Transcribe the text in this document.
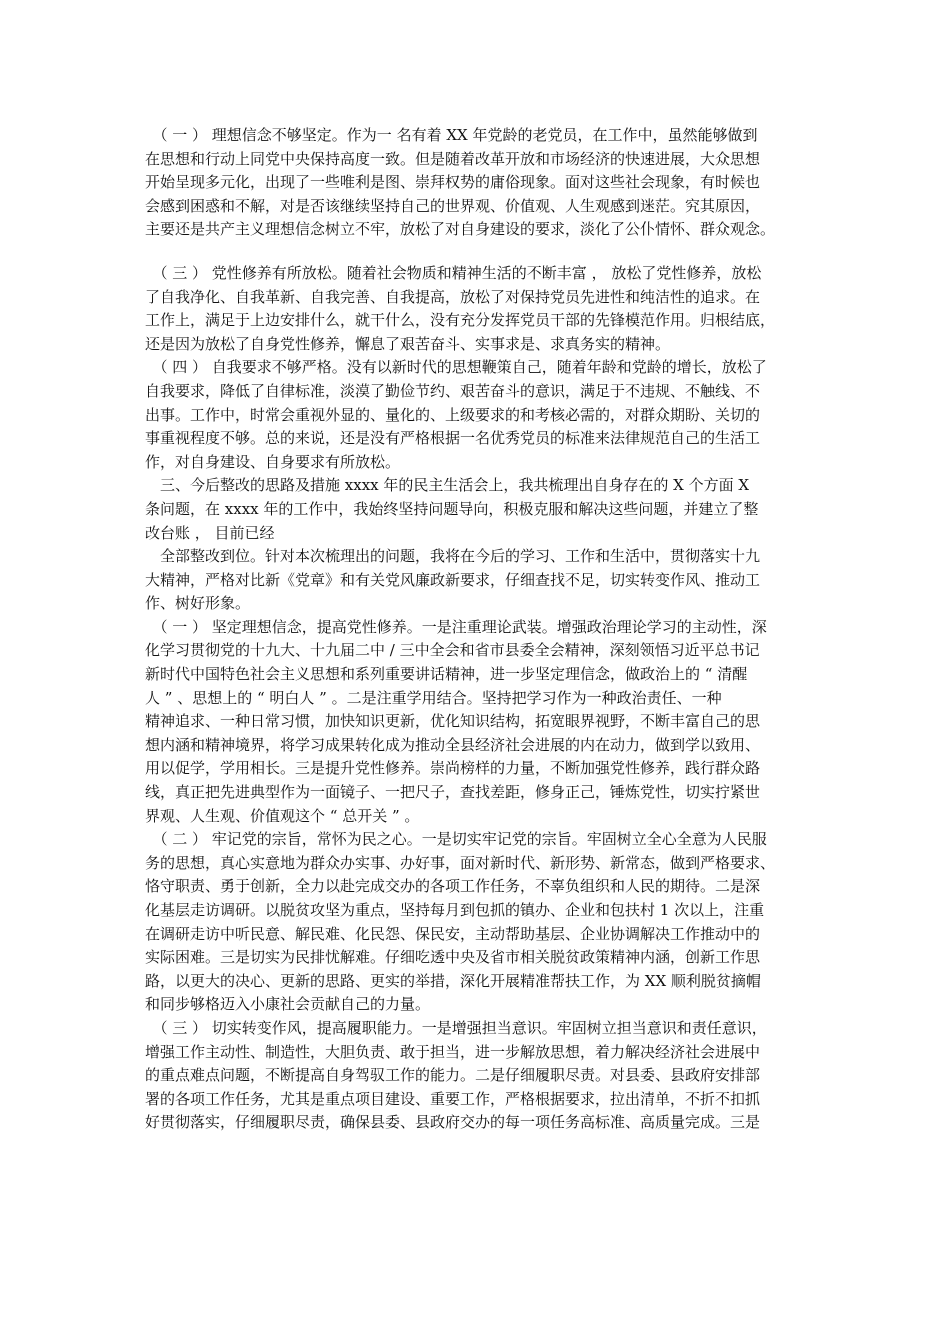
　（ 一 ） 理想信念不够坚定。作为一 名有着 XX 年党龄的老党员，在工作中，虽然能够做到
在思想和行动上同党中央保持高度一致。但是随着改革开放和市场经济的快速进展，大众思想
开始呈现多元化，出现了一些唯利是图、崇拜权势的庸俗现象。面对这些社会现象，有时候也
会感到困惑和不解，对是否该继续坚持自己的世界观、价值观、人生观感到迷茫。究其原因，
主要还是共产主义理想信念树立不牢，放松了对自身建设的要求，淡化了公仆情怀、群众观念。
　（ 三 ） 党性修养有所放松。随着社会物质和精神生活的不断丰富 ， 放松了党性修养，放松
了自我净化、自我革新、自我完善、自我提高，放松了对保持党员先进性和纯洁性的追求。在
工作上，满足于上边安排什么，就干什么，没有充分发挥党员干部的先锋模范作用。归根结底，
还是因为放松了自身党性修养，懈息了艰苦奋斗、实事求是、求真务实的精神。
　（ 四 ） 自我要求不够严格。没有以新时代的思想鞭策自己，随着年龄和党龄的增长，放松了
自我要求，降低了自律标准，淡漠了勤俭节约、艰苦奋斗的意识，满足于不违规、不触线、不
出事。工作中，时常会重视外显的、量化的、上级要求的和考核必需的，对群众期盼、关切的
事重视程度不够。总的来说，还是没有严格根据一名优秀党员的标准来法律规范自己的生活工
作，对自身建设、自身要求有所放松。
　三、今后整改的思路及措施 xxxx 年的民主生活会上，我共梳理出自身存在的 X 个方面 X
条问题，在 xxxx 年的工作中，我始终坚持问题导向，积极克服和解决这些问题，并建立了整
改台账 ， 目前已经
　全部整改到位。针对本次梳理出的问题，我将在今后的学习、工作和生活中，贯彻落实十九
大精神，严格对比新《党章》和有关党风廉政新要求，仔细查找不足，切实转变作风、推动工
作、树好形象。
　（ 一 ） 坚定理想信念，提高党性修养。一是注重理论武装。增强政治理论学习的主动性，深
化学习贯彻党的十九大、十九届二中 / 三中全会和省市县委全会精神，深刻领悟习近平总书记
新时代中国特色社会主义思想和系列重要讲话精神，进一步坚定理信念，做政治上的 “ 清醒
人 ” 、思想上的 “ 明白人 ” 。二是注重学用结合。坚持把学习作为一种政治责任、一种
精神追求、一种日常习惯，加快知识更新，优化知识结构，拓宽眼界视野，不断丰富自己的思
想内涵和精神境界，将学习成果转化成为推动全县经济社会进展的内在动力，做到学以致用、
用以促学，学用相长。三是提升党性修养。崇尚榜样的力量，不断加强党性修养，践行群众路
线，真正把先进典型作为一面镜子、一把尺子，查找差距，修身正己，锤炼党性，切实拧紧世
界观、人生观、价值观这个 “ 总开关 ” 。
　（ 二 ） 牢记党的宗旨，常怀为民之心。一是切实牢记党的宗旨。牢固树立全心全意为人民服
务的思想，真心实意地为群众办实事、办好事，面对新时代、新形势、新常态，做到严格要求、
恪守职责、勇于创新，全力以赴完成交办的各项工作任务，不辜负组织和人民的期待。二是深
化基层走访调研。以脱贫攻坚为重点，坚持每月到包抓的镇办、企业和包扶村 1 次以上，注重
在调研走访中听民意、解民难、化民怨、保民安，主动帮助基层、企业协调解决工作推动中的
实际困难。三是切实为民排忧解难。仔细吃透中央及省市相关脱贫政策精神内涵，创新工作思
路，以更大的决心、更新的思路、更实的举措，深化开展精准帮扶工作，为 XX 顺利脱贫摘帽
和同步够格迈入小康社会贡献自己的力量。
　（ 三 ） 切实转变作风，提高履职能力。一是增强担当意识。牢固树立担当意识和责任意识，
增强工作主动性、制造性，大胆负责、敢于担当，进一步解放思想，着力解决经济社会进展中
的重点难点问题，不断提高自身驾驭工作的能力。二是仔细履职尽责。对县委、县政府安排部
署的各项工作任务，尤其是重点项目建设、重要工作，严格根据要求，拉出清单，不折不扣抓
好贯彻落实，仔细履职尽责，确保县委、县政府交办的每一项任务高标准、高质量完成。三是
